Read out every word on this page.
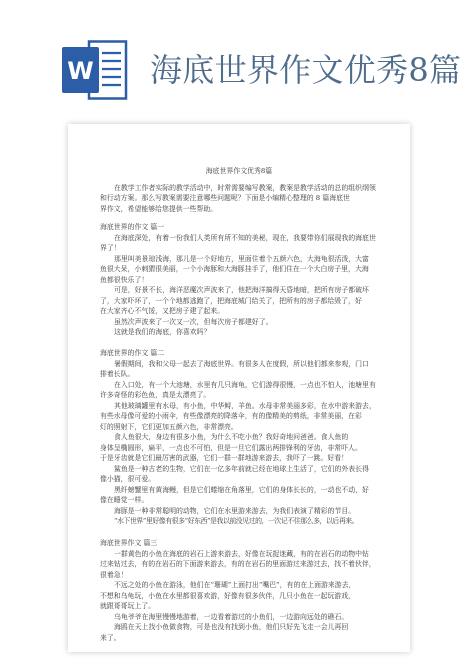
W 海底世界作文优秀8篇
海底世界作文优秀8篇
在教学工作者实际的教学活动中，时常需要编写教案，教案是教学活动的总的组织纲领
和行动方案。那么写教案需要注意哪些问题呢？下面是小编精心整理的 8 篇海底世
界作文，希望能够给您提供一些帮助。
海底世界的作文 篇一
在海底深处，有着一份我们人类所有所不知的美秘，现在，我要带你们展现我的海底世
界了！
那里叫美景琼浅海，那儿是一个好地方，里面住着个五颜六色，大海龟很活泼，大富
鱼很大呆，小刺猬很美丽，一个小海豚和大海豚挂手了，他们住在一个大白房子里，大海
鱼都很快乐了！
可是，好景不长，海洋恶魔次声波来了，他把海洋搞得天昏地暗，把所有房子都破坏
了，大家吓坏了，一个个地都逃跑了，把海底城门给关了，把所有的房子都给毁了，好
在大家齐心不气馁，又把房子建了起来。
虽然次声波来了一次又一次，但每次房子都建好了。
这就是我们的海底，你喜欢吗？
海底世界的作文 篇二
暑假期间，我和父母一起去了海底世界。有很多人在度假，所以他们都来参观，门口
排着长队。
在入口处，有一个大池塘，水里有几只海龟，它们游得很慢，一点也不怕人，池塘里有
许多奇怪的彩色鱼，真是太漂亮了。
其他玻璃罐里有水母，有小鱼，中华鲟，羊鱼。水母非常美丽多彩，在水中游来游去，
有些水母像可爱的小雨伞，有些像漂亮的降落伞，有的像精美的剪纸，非常美丽，在彩
灯的照射下，它们更加五颜六色，非常漂亮。
食人鱼很大，身边有很多小鱼，为什么不吃小鱼？我好奇地问爸爸。食人鱼的
身体呈椭圆形，扁平，一点也不可怕，但是一旦它们露出两排锋利的牙齿，非常吓人。
于是牙齿就是它们最厉害的武器，它们一群一群地游来游去，我吓了一跳。好看！
鲨鱼是一种古老的生物，它们在一亿多年前就已经在地球上生活了，它们的外表长得
像小猫，很可爱。
黑纤螃蟹里有黄海鳗，但是它们蜷缩在角落里，它们的身体长长的，一动也不动，好
像在睡觉一样。
海豚是一种非常聪明的动物，它们在水里游来游去，为我们表演了精彩的节目。
“水下世界”里好像有很多“好东西”是我以前没见过的，一次记不住那么多，以后再来。
海底世界作文 篇三
一群黄色的小鱼在海底的岩石上游来游去，好像在玩捉迷藏，有的在岩石的动物中钻
过来钻过去，有的在岩石的下面游来游去，有的在岩石的里面游过来游过去，找不着伙伴，
很着急！
不远之处的小鱼在游泳，他们在“珊瑚”上面打出“嘴巴”，有的在上面游来游去，
不想和乌龟玩，小鱼在水里都很喜欢游，好像有很多伙伴，几只小鱼在一起玩游戏，
就跟哥哥玩上了。
乌龟爷爷在海里慢慢地游着，一边看着游过的小鱼们，一边游向远处的礁石。
海鸥在天上找小鱼做食物，可是也没有找到小鱼，他们只好先飞走一会儿再回
来了。
